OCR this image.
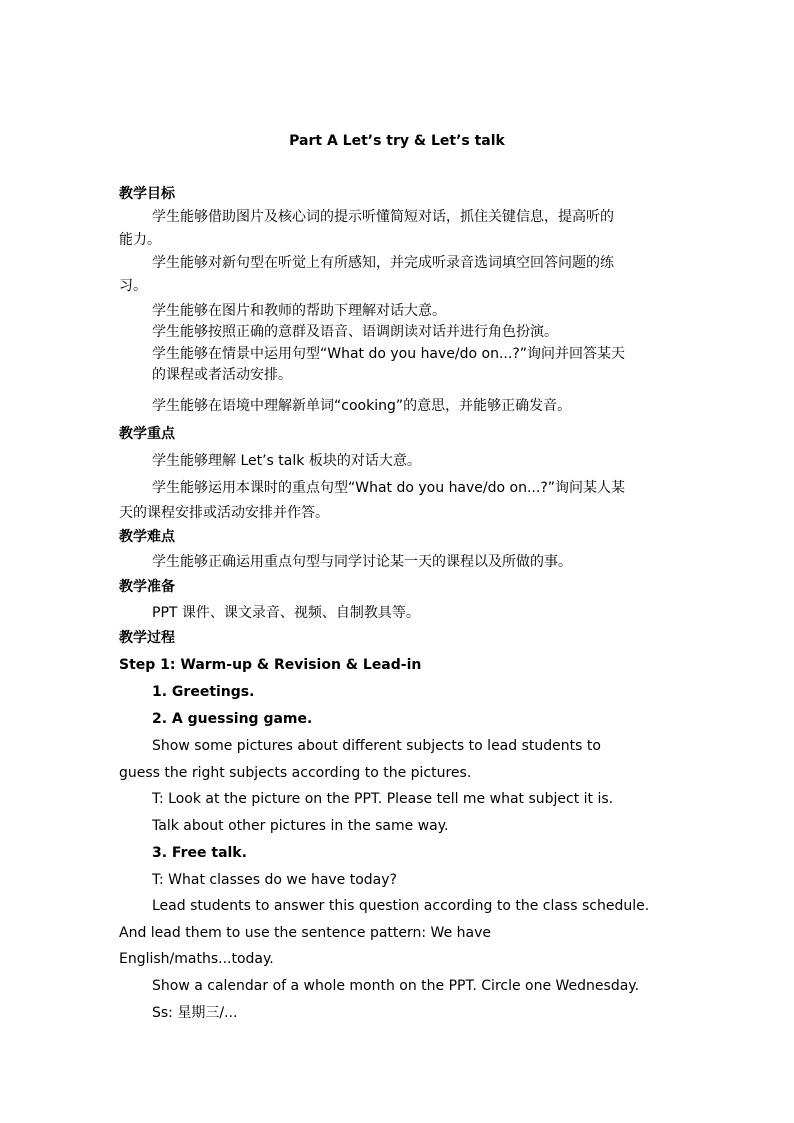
Part A Let’s try & Let’s talk
教学目标
学生能够借助图片及核心词的提示听懂简短对话，抓住关键信息，提高听的
能力。
学生能够对新句型在听觉上有所感知，并完成听录音选词填空回答问题的练
习。
学生能够在图片和教师的帮助下理解对话大意。
学生能够按照正确的意群及语音、语调朗读对话并进行角色扮演。
学生能够在情景中运用句型“What do you have/do on...?”询问并回答某天
的课程或者活动安排。
学生能够在语境中理解新单词“cooking”的意思，并能够正确发音。
教学重点
学生能够理解 Let’s talk 板块的对话大意。
学生能够运用本课时的重点句型“What do you have/do on...?”询问某人某
天的课程安排或活动安排并作答。
教学难点
学生能够正确运用重点句型与同学讨论某一天的课程以及所做的事。
教学准备
PPT 课件、课文录音、视频、自制教具等。
教学过程
Step 1: Warm-up & Revision & Lead-in
1. Greetings.
2. A guessing game.
Show some pictures about different subjects to lead students to
guess the right subjects according to the pictures.
T: Look at the picture on the PPT. Please tell me what subject it is.
Talk about other pictures in the same way.
3. Free talk.
T: What classes do we have today?
Lead students to answer this question according to the class schedule.
And lead them to use the sentence pattern: We have
English/maths...today.
Show a calendar of a whole month on the PPT. Circle one Wednesday.
Ss: 星期三/...
